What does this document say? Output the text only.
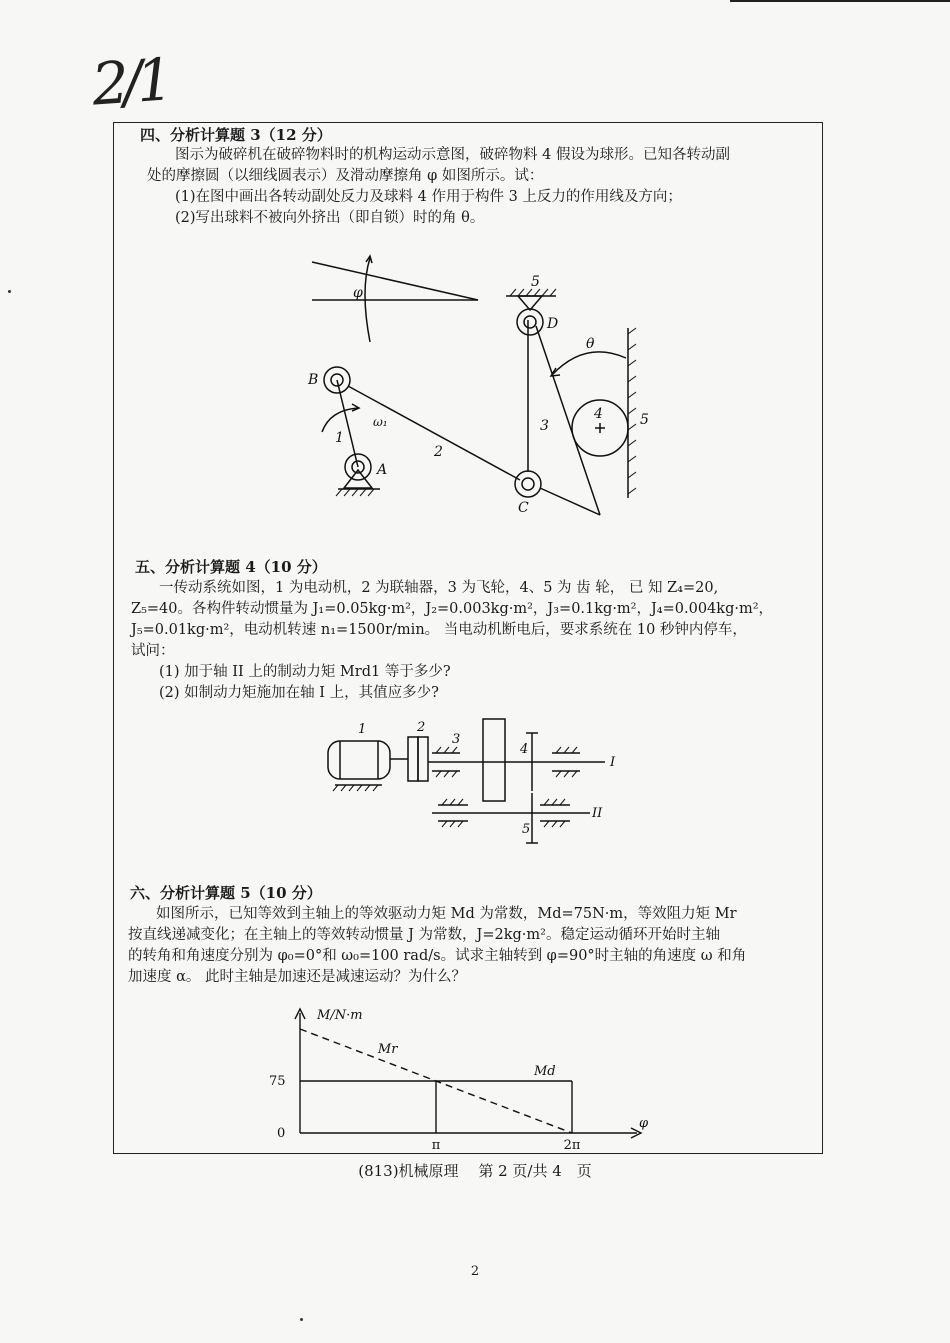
2/1
四、分析计算题 3（12 分）
图示为破碎机在破碎物料时的机构运动示意图，破碎物料 4 假设为球形。已知各转动副
处的摩擦圆（以细线圆表示）及滑动摩擦角 φ 如图所示。试：
(1)在图中画出各转动副处反力及球料 4 作用于构件 3 上反力的作用线及方向；
(2)写出球料不被向外挤出（即自锁）时的角 θ。
φ
B
A
C
D
1
2
3
4
5
5
ω₁
θ
五、分析计算题 4（10 分）
一传动系统如图，1 为电动机，2 为联轴器，3 为飞轮，4、5 为 齿 轮， 已 知 Z₄=20,
Z₅=40。各构件转动惯量为 J₁=0.05kg·m²，J₂=0.003kg·m²，J₃=0.1kg·m²，J₄=0.004kg·m²，
J₅=0.01kg·m²，电动机转速 n₁=1500r/min。 当电动机断电后，要求系统在 10 秒钟内停车，
试问：
(1) 加于轴 II 上的制动力矩 Mrd1 等于多少?
(2) 如制动力矩施加在轴 I 上，其值应多少?
1	2
3
4
5
I
II
六、分析计算题 5（10 分）
如图所示，已知等效到主轴上的等效驱动力矩 Md 为常数，Md=75N·m，等效阻力矩 Mr
按直线递减变化；在主轴上的等效转动惯量 J 为常数，J=2kg·m²。稳定运动循环开始时主轴
的转角和角速度分别为 φ₀=0°和 ω₀=100 rad/s。试求主轴转到 φ=90°时主轴的角速度 ω 和角
加速度 α。 此时主轴是加速还是减速运动？为什么？
M/N·m
φ
0
75
π	2π
Md
Mr
(813)机械原理　 第 2 页/共 4　页
2
